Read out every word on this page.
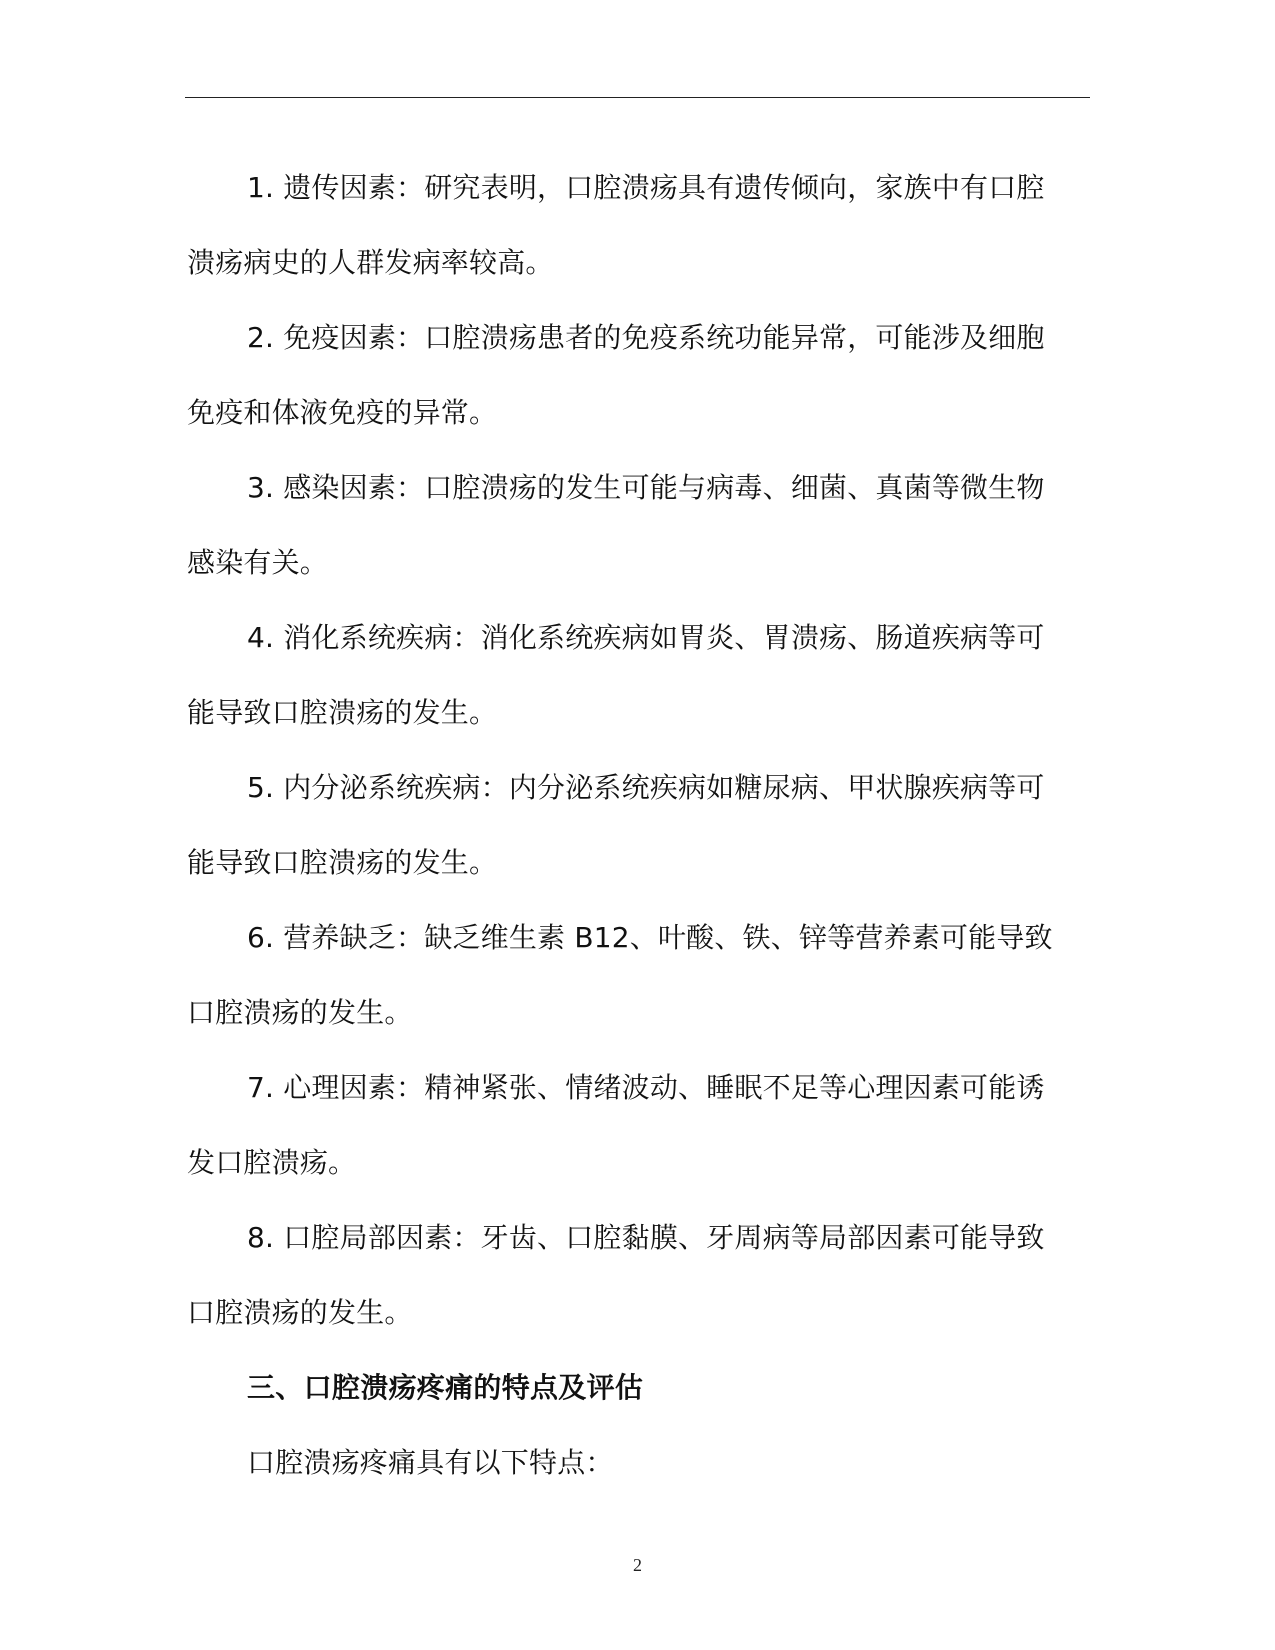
1. 遗传因素：研究表明，口腔溃疡具有遗传倾向，家族中有口腔溃疡病史的人群发病率较高。

2. 免疫因素：口腔溃疡患者的免疫系统功能异常，可能涉及细胞免疫和体液免疫的异常。

3. 感染因素：口腔溃疡的发生可能与病毒、细菌、真菌等微生物感染有关。

4. 消化系统疾病：消化系统疾病如胃炎、胃溃疡、肠道疾病等可能导致口腔溃疡的发生。

5. 内分泌系统疾病：内分泌系统疾病如糖尿病、甲状腺疾病等可能导致口腔溃疡的发生。

6. 营养缺乏：缺乏维生素 B12、叶酸、铁、锌等营养素可能导致口腔溃疡的发生。

7. 心理因素：精神紧张、情绪波动、睡眠不足等心理因素可能诱发口腔溃疡。

8. 口腔局部因素：牙齿、口腔黏膜、牙周病等局部因素可能导致口腔溃疡的发生。

三、口腔溃疡疼痛的特点及评估

口腔溃疡疼痛具有以下特点：

2
